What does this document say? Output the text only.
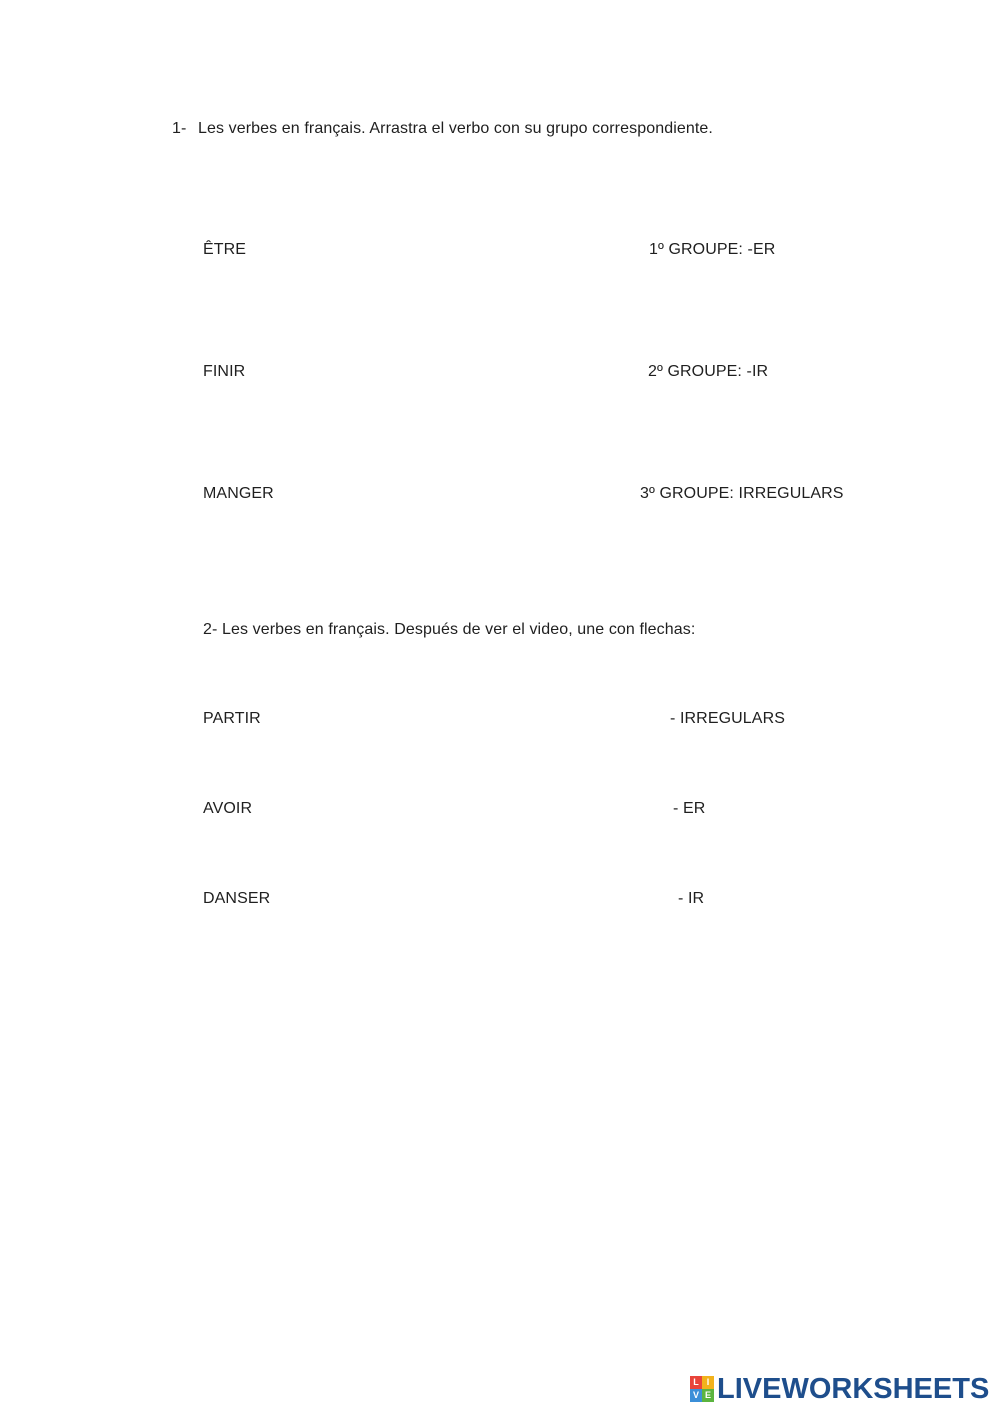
1- Les verbes en français. Arrastra el verbo con su grupo correspondiente.
ÊTRE	1º GROUPE: -ER
FINIR	2º GROUPE: -IR
MANGER	3º GROUPE: IRREGULARS
2- Les verbes en français. Después de ver el video, une con flechas:
PARTIR	- IRREGULARS
AVOIR	- ER
DANSER	- IR
L I
V E LIVEWORKSHEETS
